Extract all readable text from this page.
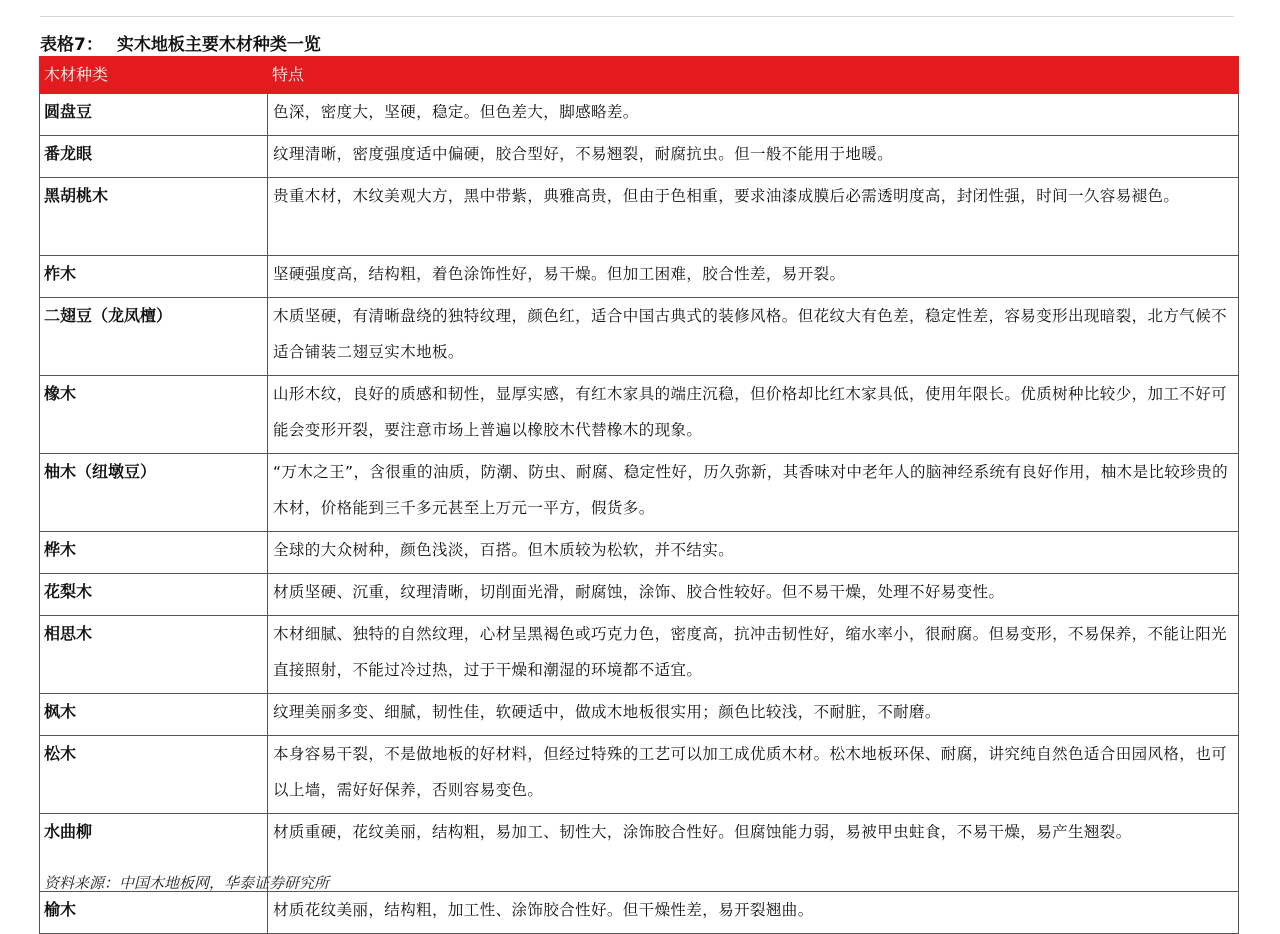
表格7： 实木地板主要木材种类一览
木材种类	特点
圆盘豆	色深，密度大，坚硬，稳定。但色差大，脚感略差。
番龙眼	纹理清晰，密度强度适中偏硬，胶合型好，不易翘裂，耐腐抗虫。但一般不能用于地暖。
黑胡桃木	贵重木材，木纹美观大方，黑中带紫，典雅高贵，但由于色相重，要求油漆成膜后必需透明度高，封闭性强，时间一久容易褪色。
柞木	坚硬强度高，结构粗，着色涂饰性好，易干燥。但加工困难，胶合性差，易开裂。
二翅豆（龙凤檀）	木质坚硬，有清晰盘绕的独特纹理，颜色红，适合中国古典式的装修风格。但花纹大有色差，稳定性差，容易变形出现暗裂，北方气候不适合铺装二翅豆实木地板。
橡木	山形木纹，良好的质感和韧性，显厚实感，有红木家具的端庄沉稳，但价格却比红木家具低，使用年限长。优质树种比较少，加工不好可能会变形开裂，要注意市场上普遍以橡胶木代替橡木的现象。
柚木（纽墩豆）	“万木之王”，含很重的油质，防潮、防虫、耐腐、稳定性好，历久弥新，其香味对中老年人的脑神经系统有良好作用，柚木是比较珍贵的木材，价格能到三千多元甚至上万元一平方，假货多。
桦木	全球的大众树种，颜色浅淡，百搭。但木质较为松软，并不结实。
花梨木	材质坚硬、沉重，纹理清晰，切削面光滑，耐腐蚀，涂饰、胶合性较好。但不易干燥，处理不好易变性。
相思木	木材细腻、独特的自然纹理，心材呈黑褐色或巧克力色，密度高，抗冲击韧性好，缩水率小，很耐腐。但易变形，不易保养，不能让阳光直接照射，不能过冷过热，过于干燥和潮湿的环境都不适宜。
枫木	纹理美丽多变、细腻，韧性佳，软硬适中，做成木地板很实用；颜色比较浅，不耐脏，不耐磨。
松木	本身容易干裂，不是做地板的好材料，但经过特殊的工艺可以加工成优质木材。松木地板环保、耐腐，讲究纯自然色适合田园风格，也可以上墙，需好好保养，否则容易变色。
水曲柳	材质重硬，花纹美丽，结构粗，易加工、韧性大，涂饰胶合性好。但腐蚀能力弱，易被甲虫蛀食，不易干燥，易产生翘裂。
榆木	材质花纹美丽，结构粗，加工性、涂饰胶合性好。但干燥性差，易开裂翘曲。
资料来源：中国木地板网，华泰证券研究所
